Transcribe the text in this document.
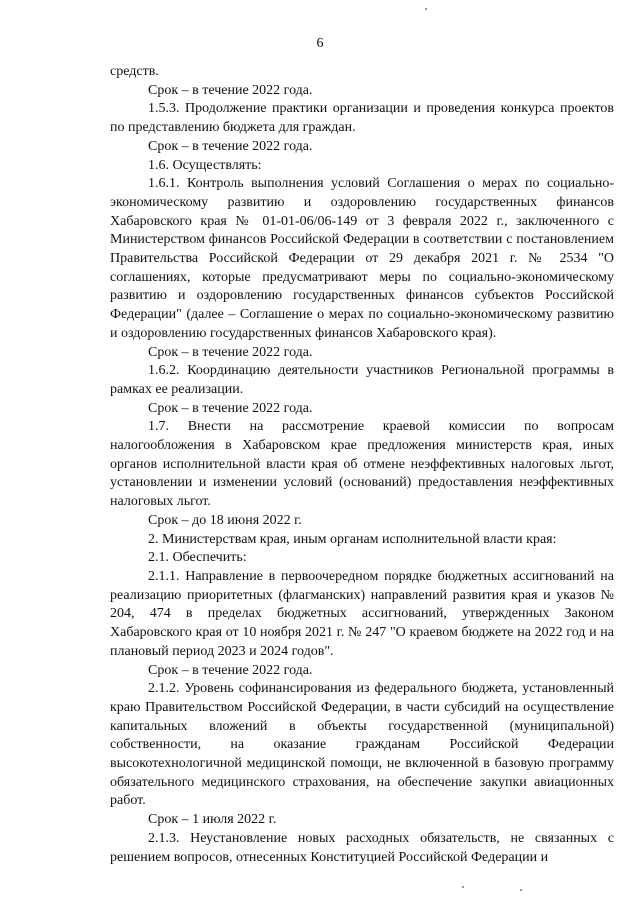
6

средств.

Срок – в течение 2022 года.

1.5.3. Продолжение практики организации и проведения конкурса проектов по представлению бюджета для граждан.

Срок – в течение 2022 года.

1.6. Осуществлять:

1.6.1. Контроль выполнения условий Соглашения о мерах по социально-экономическому развитию и оздоровлению государственных финансов Хабаровского края № 01-01-06/06-149 от 3 февраля 2022 г., заключенного с Министерством финансов Российской Федерации в соответствии с постановлением Правительства Российской Федерации от 29 декабря 2021 г. № 2534 "О соглашениях, которые предусматривают меры по социально-экономическому развитию и оздоровлению государственных финансов субъектов Российской Федерации" (далее – Соглашение о мерах по социально-экономическому развитию и оздоровлению государственных финансов Хабаровского края).

Срок – в течение 2022 года.

1.6.2. Координацию деятельности участников Региональной программы в рамках ее реализации.

Срок – в течение 2022 года.

1.7. Внести на рассмотрение краевой комиссии по вопросам налогообложения в Хабаровском крае предложения министерств края, иных органов исполнительной власти края об отмене неэффективных налоговых льгот, установлении и изменении условий (оснований) предоставления неэффективных налоговых льгот.

Срок – до 18 июня 2022 г.

2. Министерствам края, иным органам исполнительной власти края:

2.1. Обеспечить:

2.1.1. Направление в первоочередном порядке бюджетных ассигнований на реализацию приоритетных (флагманских) направлений развития края и указов № 204, 474 в пределах бюджетных ассигнований, утвержденных Законом Хабаровского края от 10 ноября 2021 г. № 247 "О краевом бюджете на 2022 год и на плановый период 2023 и 2024 годов".

Срок – в течение 2022 года.

2.1.2. Уровень софинансирования из федерального бюджета, установленный краю Правительством Российской Федерации, в части субсидий на осуществление капитальных вложений в объекты государственной (муниципальной) собственности, на оказание гражданам Российской Федерации высокотехнологичной медицинской помощи, не включенной в базовую программу обязательного медицинского страхования, на обеспечение закупки авиационных работ.

Срок – 1 июля 2022 г.

2.1.3. Неустановление новых расходных обязательств, не связанных с решением вопросов, отнесенных Конституцией Российской Федерации и
